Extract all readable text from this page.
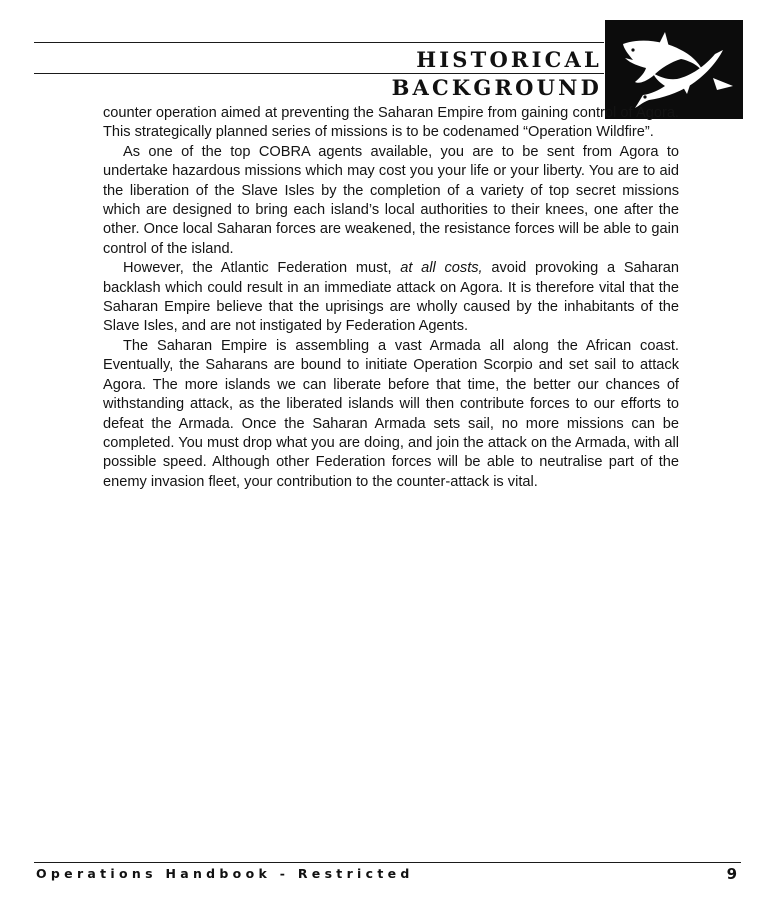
HISTORICAL BACKGROUND

counter operation aimed at preventing the Saharan Empire from gaining control of Agora. This strategically planned series of missions is to be codenamed “Operation Wildfire”.

As one of the top COBRA agents available, you are to be sent from Agora to undertake hazardous missions which may cost you your life or your liberty. You are to aid the liberation of the Slave Isles by the completion of a variety of top secret missions which are designed to bring each island’s local authorities to their knees, one after the other. Once local Saharan forces are weakened, the resistance forces will be able to gain control of the island.

However, the Atlantic Federation must, at all costs, avoid provoking a Saharan backlash which could result in an immediate attack on Agora. It is therefore vital that the Saharan Empire believe that the uprisings are wholly caused by the inhabitants of the Slave Isles, and are not instigated by Federation Agents.

The Saharan Empire is assembling a vast Armada all along the African coast. Eventually, the Saharans are bound to initiate Operation Scorpio and set sail to attack Agora. The more islands we can liberate before that time, the better our chances of withstanding attack, as the liberated islands will then contribute forces to our efforts to defeat the Armada. Once the Saharan Armada sets sail, no more missions can be completed. You must drop what you are doing, and join the attack on the Armada, with all possible speed. Although other Federation forces will be able to neutralise part of the enemy invasion fleet, your contribution to the counter-attack is vital.

Operations Handbook - Restricted	9
